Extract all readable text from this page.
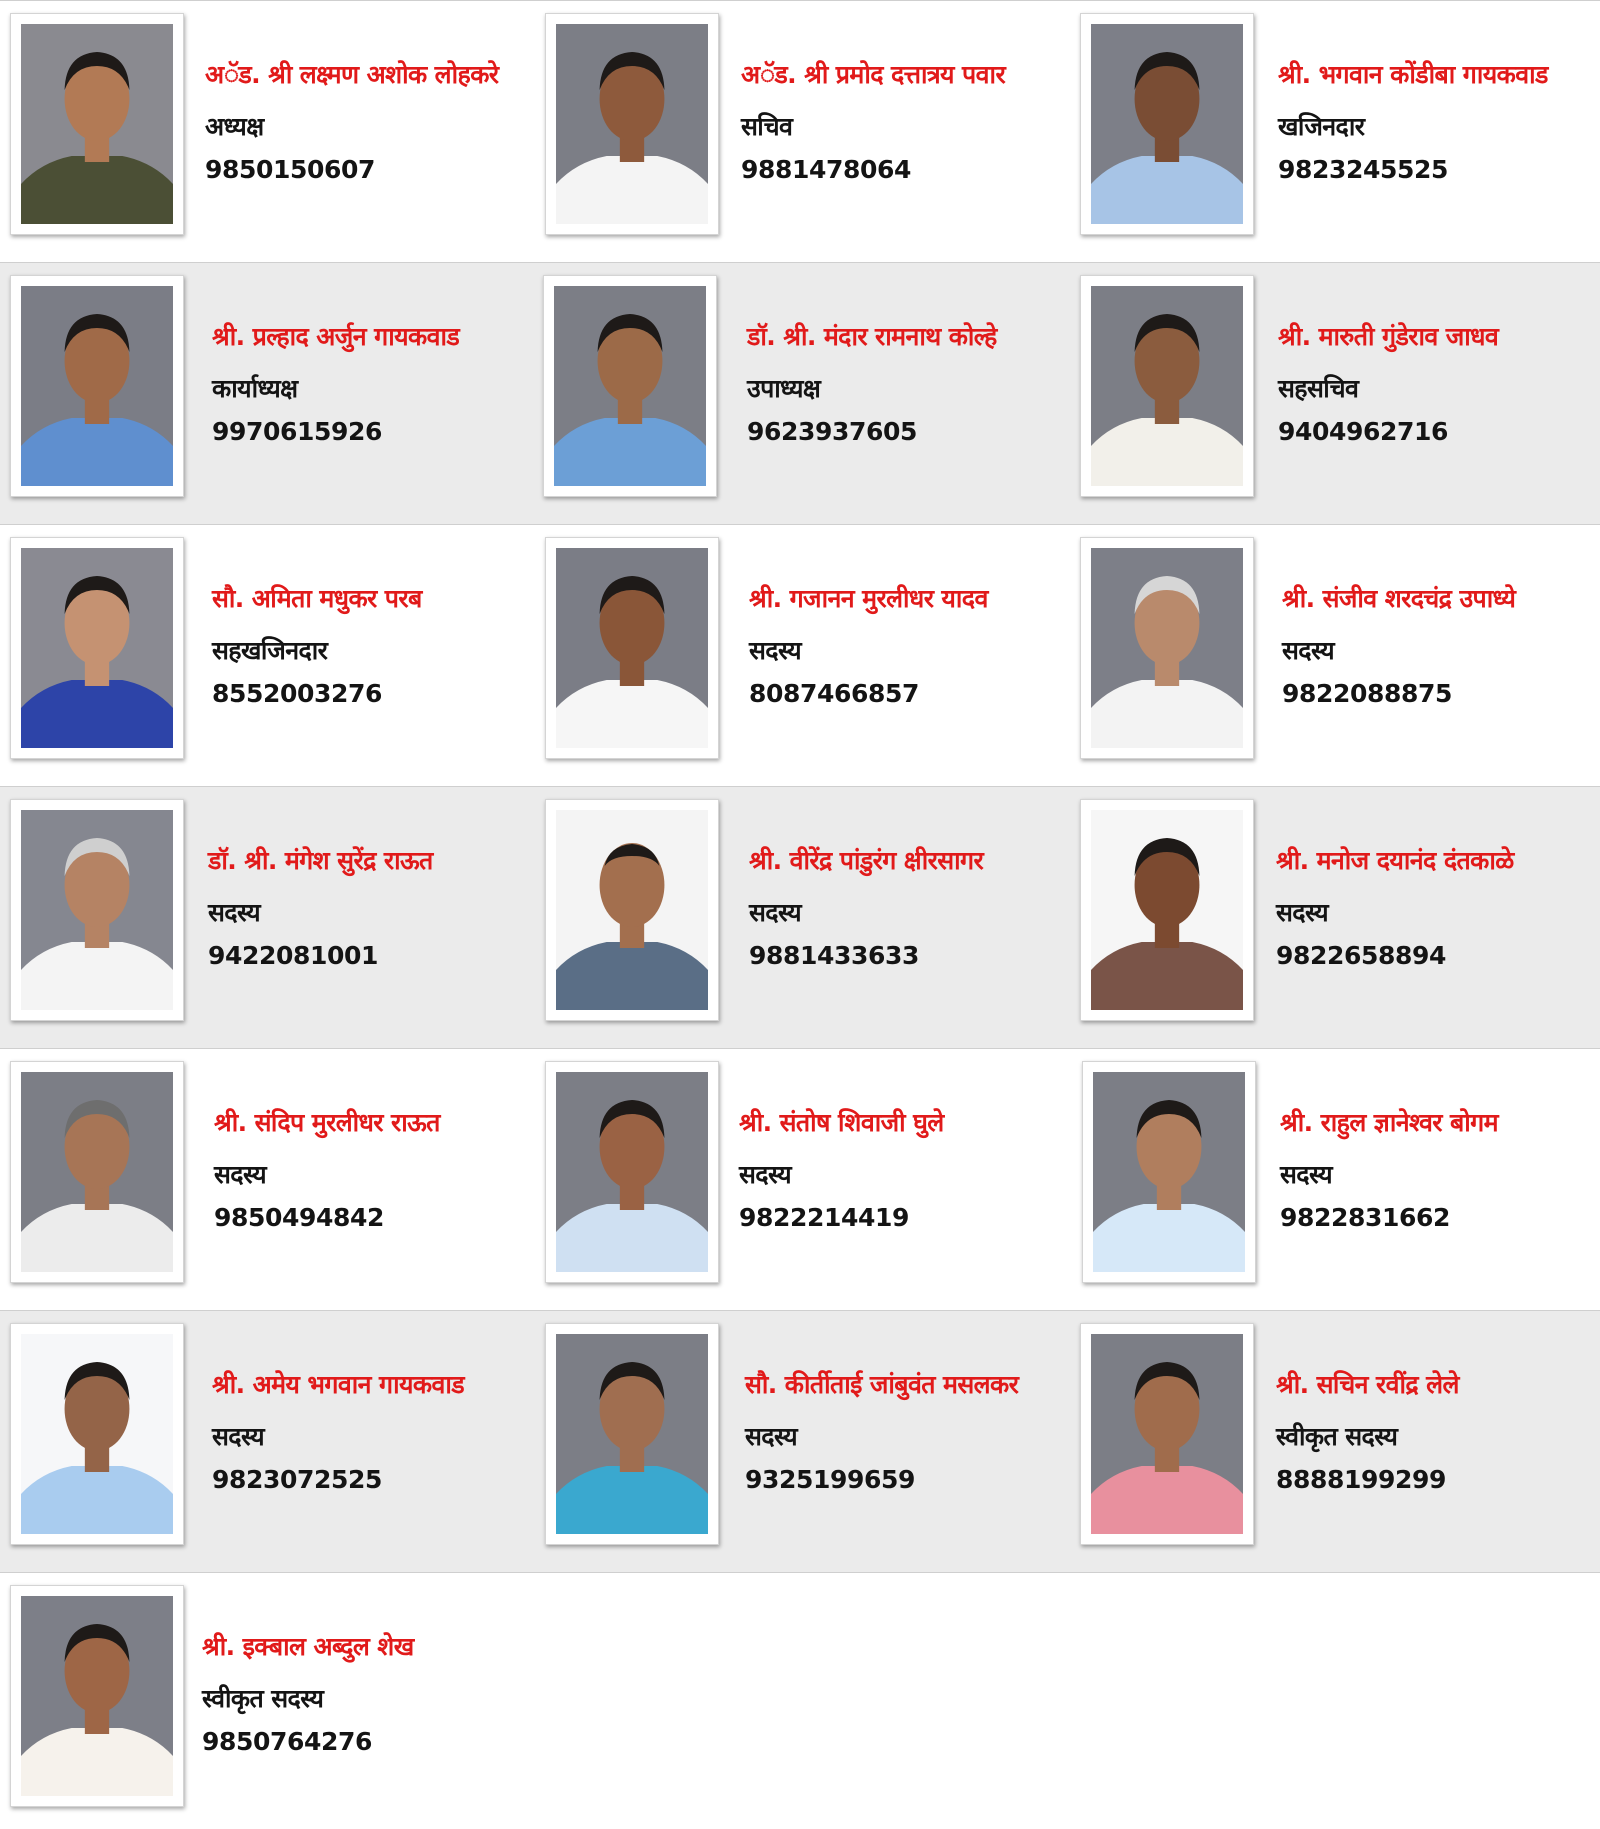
अॅड. श्री लक्ष्मण अशोक लोहकरे
अध्यक्ष
9850150607
अॅड. श्री प्रमोद दत्तात्रय पवार
सचिव
9881478064
श्री. भगवान कोंडीबा गायकवाड
खजिनदार
9823245525
श्री. प्रल्हाद अर्जुन गायकवाड
कार्याध्यक्ष
9970615926
डॉ. श्री. मंदार रामनाथ कोल्हे
उपाध्यक्ष
9623937605
श्री. मारुती गुंडेराव जाधव
सहसचिव
9404962716
सौ. अमिता मधुकर परब
सहखजिनदार
8552003276
श्री. गजानन मुरलीधर यादव
सदस्य
8087466857
श्री. संजीव शरदचंद्र उपाध्ये
सदस्य
9822088875
डॉ. श्री. मंगेश सुरेंद्र राऊत
सदस्य
9422081001
श्री. वीरेंद्र पांडुरंग क्षीरसागर
सदस्य
9881433633
श्री. मनोज दयानंद दंतकाळे
सदस्य
9822658894
श्री. संदिप मुरलीधर राऊत
सदस्य
9850494842
श्री. संतोष शिवाजी घुले
सदस्य
9822214419
श्री. राहुल ज्ञानेश्वर बोगम
सदस्य
9822831662
श्री. अमेय भगवान गायकवाड
सदस्य
9823072525
सौ. कीर्तीताई जांबुवंत मसलकर
सदस्य
9325199659
श्री. सचिन रवींद्र लेले
स्वीकृत सदस्य
8888199299
श्री. इक्बाल अब्दुल शेख
स्वीकृत सदस्य
9850764276
